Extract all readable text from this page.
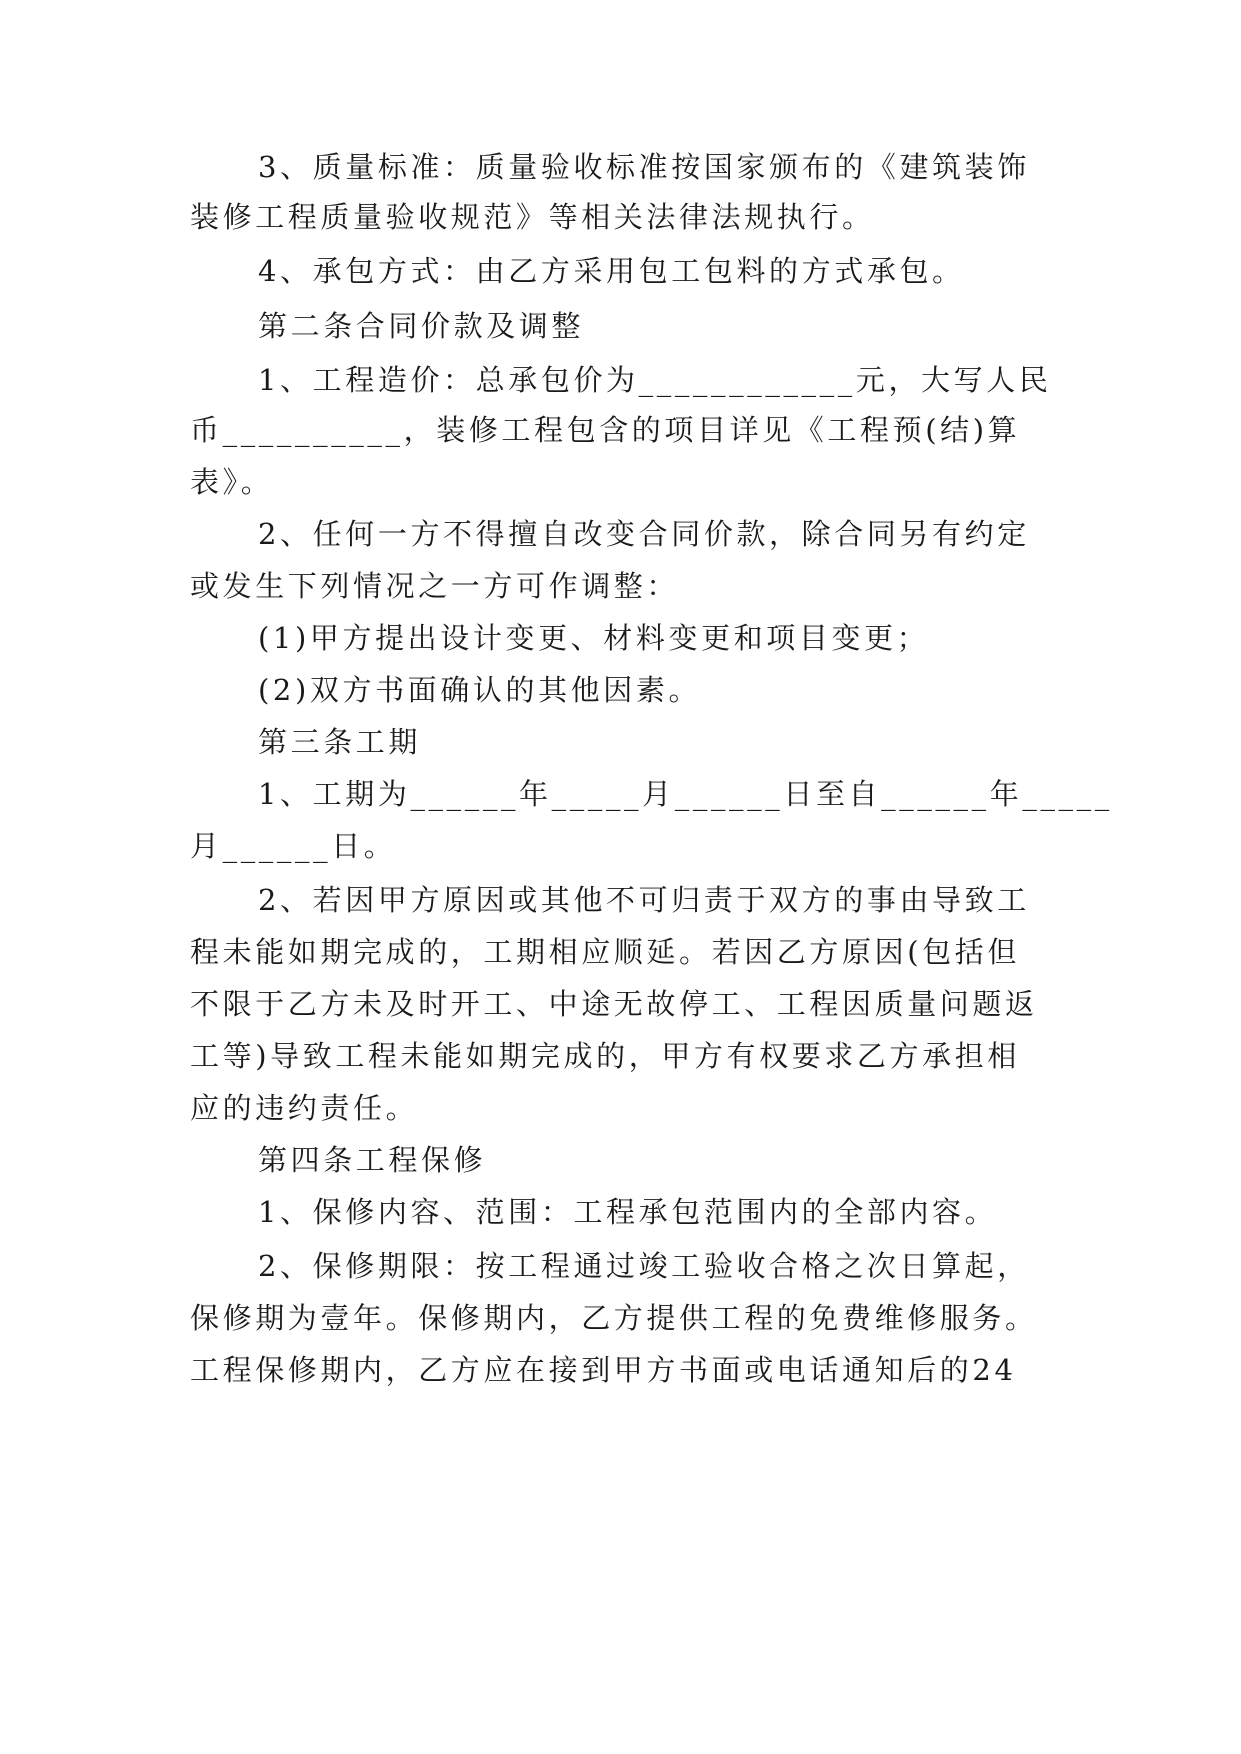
3、质量标准：质量验收标准按国家颁布的《建筑装饰
装修工程质量验收规范》等相关法律法规执行。
4、承包方式：由乙方采用包工包料的方式承包。
第二条合同价款及调整
1、工程造价：总承包价为____________元，大写人民
币__________，装修工程包含的项目详见《工程预(结)算
表》。
2、任何一方不得擅自改变合同价款，除合同另有约定
或发生下列情况之一方可作调整：
(1)甲方提出设计变更、材料变更和项目变更；
(2)双方书面确认的其他因素。
第三条工期
1、工期为______年_____月______日至自______年_____
月______日。
2、若因甲方原因或其他不可归责于双方的事由导致工
程未能如期完成的，工期相应顺延。若因乙方原因(包括但
不限于乙方未及时开工、中途无故停工、工程因质量问题返
工等)导致工程未能如期完成的，甲方有权要求乙方承担相
应的违约责任。
第四条工程保修
1、保修内容、范围：工程承包范围内的全部内容。
2、保修期限：按工程通过竣工验收合格之次日算起，
保修期为壹年。保修期内，乙方提供工程的免费维修服务。
工程保修期内，乙方应在接到甲方书面或电话通知后的24
